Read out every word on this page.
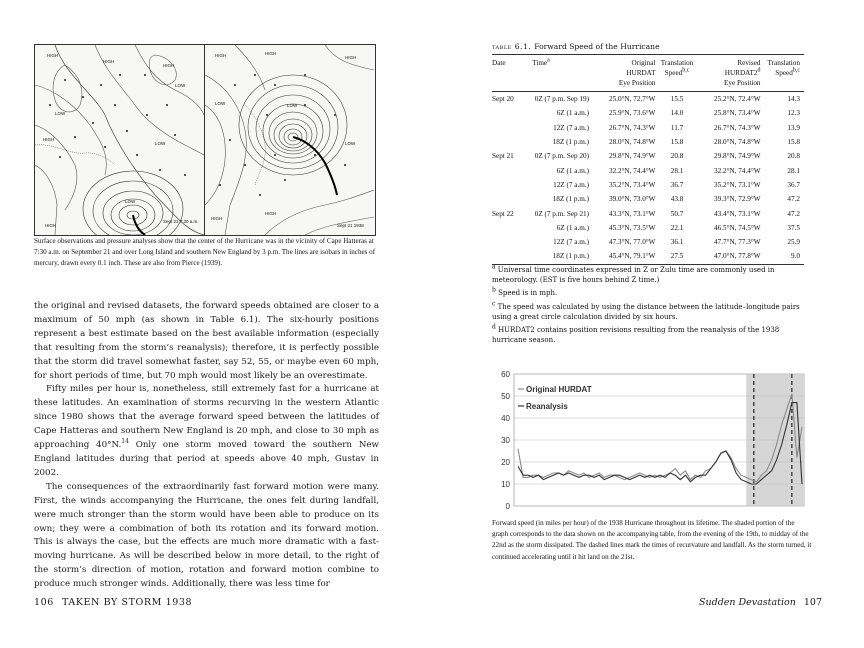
HIGH
HIGH
HIGH
LOW
LOW
HIGH
LOW
HIGH
LOW
Sept 21 7:30 a.m.
HIGH	HIGH
HIGH
LOW
LOW
HIGH
LOW
HIGH
Sept 21 1938
Surface observations and pressure analyses show that the center of the Hurricane was in the vicinity of Cape Hatteras at 7:30 a.m. on September 21 and over Long Island and southern New England by 3 p.m. The lines are isobars in inches of mercury, drawn every 0.1 inch. These are also from Pierce (1939).

the original and revised datasets, the forward speeds obtained are closer to a maximum of 50 mph (as shown in Table 6.1). The six-hourly positions represent a best estimate based on the best available information (especially that resulting from the storm’s reanalysis); therefore, it is perfectly possible that the storm did travel somewhat faster, say 52, 55, or maybe even 60 mph, for short periods of time, but 70 mph would most likely be an overestimate.

Fifty miles per hour is, nonetheless, still extremely fast for a hurricane at these latitudes. An examination of storms recurving in the western Atlantic since 1980 shows that the average forward speed between the latitudes of Cape Hatteras and southern New England is 20 mph, and close to 30 mph as approaching 40°N.$^{14}$ Only one storm moved toward the southern New England latitudes during that period at speeds above 40 mph, Gustav in 2002.

The consequences of the extraordinarily fast forward motion were many. First, the winds accompanying the Hurricane, the ones felt during landfall, were much stronger than the storm would have been able to produce on its own; they were a combination of both its rotation and its forward motion. This is always the case, but the effects are much more dramatic with a fast-moving hurricane. As will be described below in more detail, to the right of the storm’s direction of motion, rotation and forward motion combine to produce much stronger winds. Additionally, there was less time for

106 TAKEN BY STORM 1938
table 6.1. Forward Speed of the Hurricane
Date	Time$^a$	Original
HURDAT
Eye Position	Translation
Speed$^{b,c}$	Revised
HURDAT2$^d$
Eye Position	Translation
Speed$^{b,c}$
Sept 20	0Z (7 p.m. Sep 19)	25.0°N, 72.7°W	15.5	25.2°N, 72.4°W	14.3
	6Z (1 a.m.)	25.9°N, 73.6°W	14.0	25.8°N, 73.4°W	12.3
	12Z (7 a.m.)	26.7°N, 74.3°W	11.7	26.7°N, 74.3°W	13.9
	18Z (1 p.m.)	28.0°N, 74.8°W	15.8	28.0°N, 74.8°W	15.8
Sept 21	0Z (7 p.m. Sep 20)	29.8°N, 74.9°W	20.8	29.8°N, 74.9°W	20.8
	6Z (1 a.m.)	32.2°N, 74.4°W	28.1	32.2°N, 74.4°W	28.1
	12Z (7 a.m.)	35.2°N, 73.4°W	36.7	35.2°N, 73.1°W	36.7
	18Z (1 p.m.)	39.0°N, 73.0°W	43.8	39.3°N, 72.9°W	47.2
Sept 22	0Z (7 p.m. Sep 21)	43.3°N, 73.1°W	50.7	43.4°N, 73.1°W	47.2
	6Z (1 a.m.)	45.3°N, 73.5°W	22.1	46.5°N, 74.5°W	37.5
	12Z (7 a.m.)	47.3°N, 77.0°W	36.1	47.7°N, 77.3°W	25.9
	18Z (1 p.m.)	45.4°N, 79.1°W	27.5	47.0°N, 77.8°W	9.0

$^a$ Universal time coordinates expressed in Z or Zulu time are commonly used in meteorology. (EST is five hours behind Z time.)

$^b$ Speed is in mph.

$^c$ The speed was calculated by using the distance between the latitude–longitude pairs using a great circle calculation divided by six hours.

$^d$ HURDAT2 contains position revisions resulting from the reanalysis of the 1938 hurricane season.

0
10
20
30
40
50
60
Original HURDAT
Reanalysis
Forward speed (in miles per hour) of the 1938 Hurricane throughout its lifetime. The shaded portion of the graph corresponds to the data shown on the accompanying table, from the evening of the 19th, to midday of the 22nd as the storm dissipated. The dashed lines mark the times of recurvature and landfall. As the storm turned, it continued accelerating until it hit land on the 21st.
Sudden Devastation 107
